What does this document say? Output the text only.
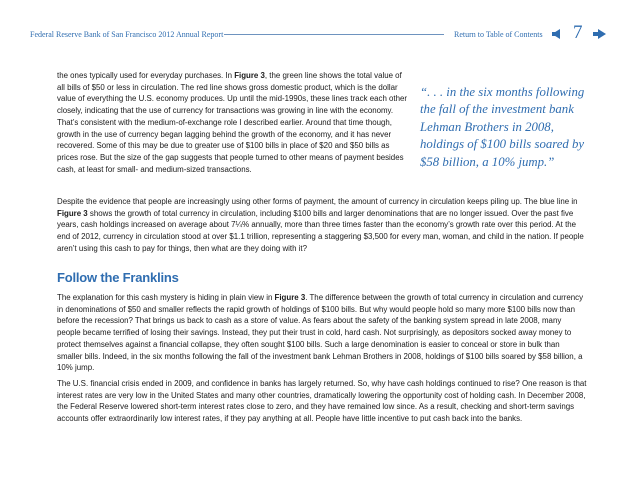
Federal Reserve Bank of San Francisco 2012 Annual Report	Return to Table of Contents 7

the ones typically used for everyday purchases. In Figure 3, the green line shows the total value of all bills of $50 or less in circulation. The red line shows gross domestic product, which is the dollar value of everything the U.S. economy produces. Up until the mid-1990s, these lines track each other closely, indicating that the use of currency for transactions was growing in line with the economy. That’s consistent with the medium-of-exchange role I described earlier. Around that time though, growth in the use of currency began lagging behind the growth of the economy, and it has never recovered. Some of this may be due to greater use of $100 bills in place of $20 and $50 bills as prices rose. But the size of the gap suggests that people turned to other means of payment besides cash, at least for small- and medium-sized transactions.

“. . . in the six months following the fall of the investment bank Lehman Brothers in 2008, holdings of $100 bills soared by $58 billion, a 10% jump.”

Despite the evidence that people are increasingly using other forms of payment, the amount of currency in circulation keeps piling up. The blue line in Figure 3 shows the growth of total currency in circulation, including $100 bills and larger denominations that are no longer issued. Over the past five years, cash holdings increased on average about 7¼% annually, more than three times faster than the economy’s growth rate over this period. At the end of 2012, currency in circulation stood at over $1.1 trillion, representing a staggering $3,500 for every man, woman, and child in the nation. If people aren’t using this cash to pay for things, then what are they doing with it?

Follow the Franklins

The explanation for this cash mystery is hiding in plain view in Figure 3. The difference between the growth of total currency in circulation and currency in denominations of $50 and smaller reflects the rapid growth of holdings of $100 bills. But why would people hold so many more $100 bills now than before the recession? That brings us back to cash as a store of value. As fears about the safety of the banking system spread in late 2008, many people became terrified of losing their savings. Instead, they put their trust in cold, hard cash. Not surprisingly, as depositors socked away money to protect themselves against a financial collapse, they often sought $100 bills. Such a large denomination is easier to conceal or store in bulk than smaller bills. Indeed, in the six months following the fall of the investment bank Lehman Brothers in 2008, holdings of $100 bills soared by $58 billion, a 10% jump.

The U.S. financial crisis ended in 2009, and confidence in banks has largely returned. So, why have cash holdings continued to rise? One reason is that interest rates are very low in the United States and many other countries, dramatically lowering the opportunity cost of holding cash. In December 2008, the Federal Reserve lowered short-term interest rates close to zero, and they have remained low since. As a result, checking and short-term savings accounts offer extraordinarily low interest rates, if they pay anything at all. People have little incentive to put cash back into the banks.
